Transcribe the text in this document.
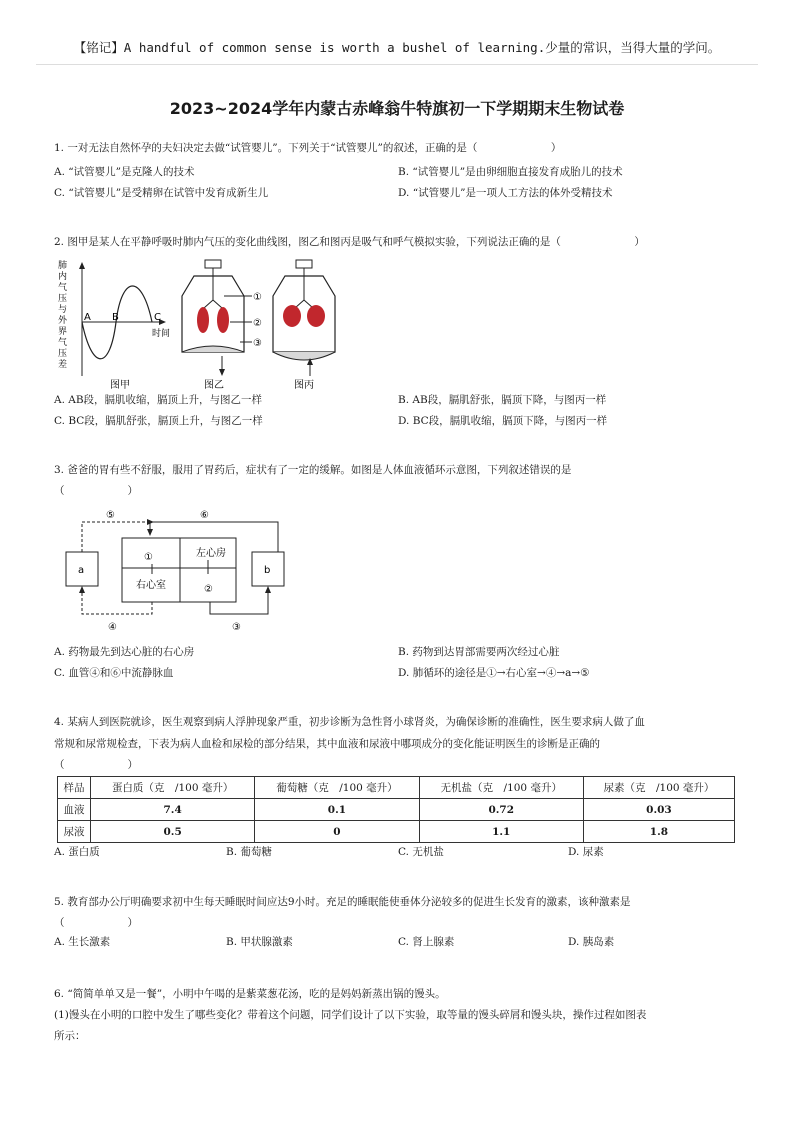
【铭记】A handful of common sense is worth a bushel of learning.少量的常识，当得大量的学问。
2023~2024学年内蒙古赤峰翁牛特旗初一下学期期末生物试卷
1. 一对无法自然怀孕的夫妇决定去做“试管婴儿”。下列关于“试管婴儿”的叙述，正确的是（　　　　　　　）
A. “试管婴儿”是克隆人的技术	B. “试管婴儿”是由卵细胞直接发育成胎儿的技术
C. “试管婴儿”是受精卵在试管中发育成新生儿	D. “试管婴儿”是一项人工方法的体外受精技术
2. 图甲是某人在平静呼吸时肺内气压的变化曲线图，图乙和图丙是吸气和呼气模拟实验，下列说法正确的是（　　　　　　　）
肺内气压与外界气压差
A B	C
时间
图甲	图乙
①
②
③
图丙
A. AB段，膈肌收缩，膈顶上升，与图乙一样	B. AB段，膈肌舒张，膈顶下降，与图丙一样
C. BC段，膈肌舒张，膈顶上升，与图乙一样	D. BC段，膈肌收缩，膈顶下降，与图丙一样
3. 爸爸的胃有些不舒服，服用了胃药后，症状有了一定的缓解。如图是人体血液循环示意图，下列叙述错误的是
（　　　　　　）
⑤	⑥
①	左心房
右心室	②
a	b
④	③
A. 药物最先到达心脏的右心房	B. 药物到达胃部需要两次经过心脏
C. 血管④和⑥中流静脉血	D. 肺循环的途径是①→右心室→④→a→⑤
4. 某病人到医院就诊，医生观察到病人浮肿现象严重，初步诊断为急性肾小球肾炎，为确保诊断的准确性，医生要求病人做了血
常规和尿常规检查，下表为病人血检和尿检的部分结果，其中血液和尿液中哪项成分的变化能证明医生的诊断是正确的
（　　　　　　）
样品	蛋白质（克　/100 毫升）	葡萄糖（克　/100 毫升）	无机盐（克　/100 毫升）	尿素（克　/100 毫升）
血液	7.4	0.1	0.72	0.03
尿液	0.5	0	1.1	1.8
A. 蛋白质	B. 葡萄糖	C. 无机盐	D. 尿素
5. 教育部办公厅明确要求初中生每天睡眠时间应达9小时。充足的睡眠能使垂体分泌较多的促进生长发育的激素，该种激素是
（　　　　　　）
A. 生长激素	B. 甲状腺激素	C. 肾上腺素	D. 胰岛素
6. “简简单单又是一餐”，小明中午喝的是紫菜葱花汤，吃的是妈妈新蒸出锅的馒头。
(1)馒头在小明的口腔中发生了哪些变化？带着这个问题，同学们设计了以下实验，取等量的馒头碎屑和馒头块，操作过程如图表
所示：
